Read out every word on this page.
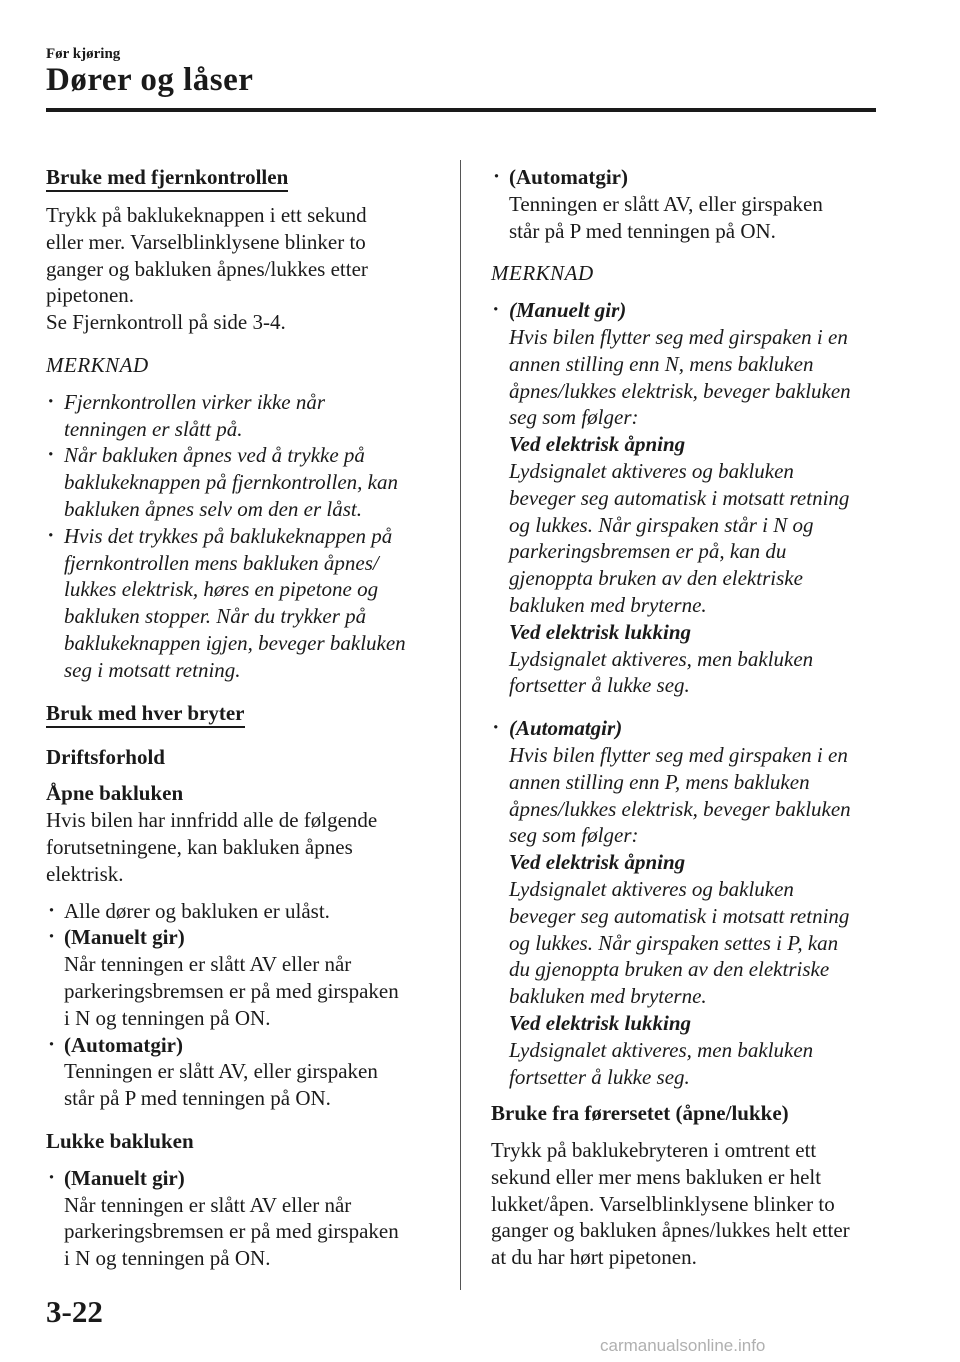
Før kjøring
Dører og låser
Bruke med fjernkontrollen
Trykk på baklukeknappen i ett sekund
eller mer. Varselblinklysene blinker to
ganger og bakluken åpnes/lukkes etter
pipetonen.
Se Fjernkontroll på side 3-4.
MERKNAD
· Fjernkontrollen virker ikke når
tenningen er slått på.
· Når bakluken åpnes ved å trykke på
baklukeknappen på fjernkontrollen, kan
bakluken åpnes selv om den er låst.
· Hvis det trykkes på baklukeknappen på
fjernkontrollen mens bakluken åpnes/
lukkes elektrisk, høres en pipetone og
bakluken stopper. Når du trykker på
baklukeknappen igjen, beveger bakluken
seg i motsatt retning.
Bruk med hver bryter
Driftsforhold
Åpne bakluken
Hvis bilen har innfridd alle de følgende
forutsetningene, kan bakluken åpnes
elektrisk.
· Alle dører og bakluken er ulåst.
· (Manuelt gir)
Når tenningen er slått AV eller når
parkeringsbremsen er på med girspaken
i N og tenningen på ON.
· (Automatgir)
Tenningen er slått AV, eller girspaken
står på P med tenningen på ON.
Lukke bakluken
· (Manuelt gir)
Når tenningen er slått AV eller når
parkeringsbremsen er på med girspaken
i N og tenningen på ON.
· (Automatgir)
Tenningen er slått AV, eller girspaken
står på P med tenningen på ON.
MERKNAD
· (Manuelt gir)
Hvis bilen flytter seg med girspaken i en
annen stilling enn N, mens bakluken
åpnes/lukkes elektrisk, beveger bakluken
seg som følger:
Ved elektrisk åpning
Lydsignalet aktiveres og bakluken
beveger seg automatisk i motsatt retning
og lukkes. Når girspaken står i N og
parkeringsbremsen er på, kan du
gjenoppta bruken av den elektriske
bakluken med bryterne.
Ved elektrisk lukking
Lydsignalet aktiveres, men bakluken
fortsetter å lukke seg.
· (Automatgir)
Hvis bilen flytter seg med girspaken i en
annen stilling enn P, mens bakluken
åpnes/lukkes elektrisk, beveger bakluken
seg som følger:
Ved elektrisk åpning
Lydsignalet aktiveres og bakluken
beveger seg automatisk i motsatt retning
og lukkes. Når girspaken settes i P, kan
du gjenoppta bruken av den elektriske
bakluken med bryterne.
Ved elektrisk lukking
Lydsignalet aktiveres, men bakluken
fortsetter å lukke seg.
Bruke fra førersetet (åpne/lukke)
Trykk på baklukebryteren i omtrent ett
sekund eller mer mens bakluken er helt
lukket/åpen. Varselblinklysene blinker to
ganger og bakluken åpnes/lukkes helt etter
at du har hørt pipetonen.
3-22
carmanualsonline.info
